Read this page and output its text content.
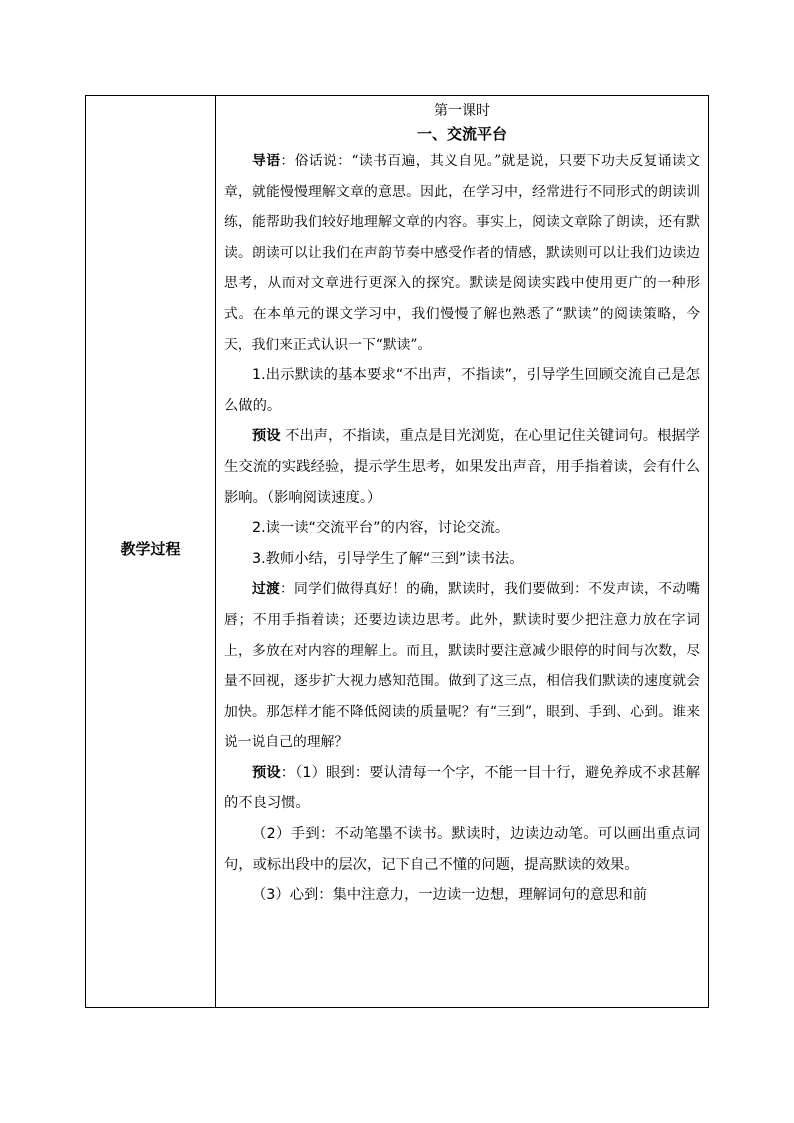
教学过程
第一课时
一、交流平台

导语：俗话说：“读书百遍，其义自见。”就是说，只要下功夫反复诵读文章，就能慢慢理解文章的意思。因此，在学习中，经常进行不同形式的朗读训练，能帮助我们较好地理解文章的内容。事实上，阅读文章除了朗读，还有默读。朗读可以让我们在声韵节奏中感受作者的情感，默读则可以让我们边读边思考，从而对文章进行更深入的探究。默读是阅读实践中使用更广的一种形式。在本单元的课文学习中，我们慢慢了解也熟悉了“默读”的阅读策略，今天，我们来正式认识一下“默读”。

1.出示默读的基本要求“不出声，不指读”，引导学生回顾交流自己是怎么做的。

预设 不出声，不指读，重点是目光浏览，在心里记住关键词句。根据学生交流的实践经验，提示学生思考，如果发出声音，用手指着读，会有什么影响。（影响阅读速度。）

2.读一读“交流平台”的内容，讨论交流。

3.教师小结，引导学生了解“三到”读书法。

过渡：同学们做得真好！的确，默读时，我们要做到：不发声读，不动嘴唇；不用手指着读；还要边读边思考。此外，默读时要少把注意力放在字词上，多放在对内容的理解上。而且，默读时要注意减少眼停的时间与次数，尽量不回视，逐步扩大视力感知范围。做到了这三点，相信我们默读的速度就会加快。那怎样才能不降低阅读的质量呢？有“三到”，眼到、手到、心到。谁来说一说自己的理解？

预设：（1）眼到：要认清每一个字，不能一目十行，避免养成不求甚解的不良习惯。

（2）手到：不动笔墨不读书。默读时，边读边动笔。可以画出重点词句，或标出段中的层次，记下自己不懂的问题，提高默读的效果。

（3）心到：集中注意力，一边读一边想，理解词句的意思和前
